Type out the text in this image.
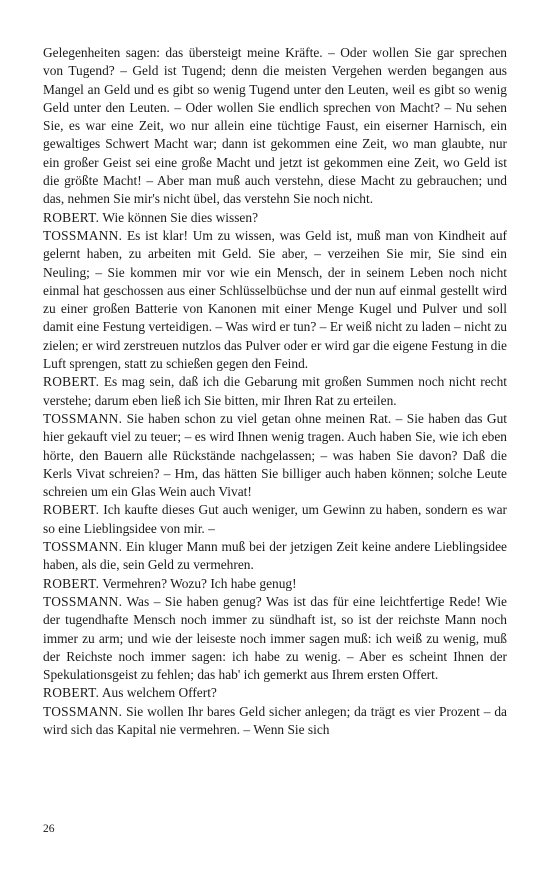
Gelegenheiten sagen: das übersteigt meine Kräfte. – Oder wollen Sie gar sprechen von Tugend? – Geld ist Tugend; denn die meisten Vergehen werden begangen aus Mangel an Geld und es gibt so wenig Tugend unter den Leuten, weil es gibt so wenig Geld unter den Leuten. – Oder wollen Sie endlich sprechen von Macht? – Nu sehen Sie, es war eine Zeit, wo nur allein eine tüchtige Faust, ein eiserner Harnisch, ein gewaltiges Schwert Macht war; dann ist gekommen eine Zeit, wo man glaubte, nur ein großer Geist sei eine große Macht und jetzt ist gekommen eine Zeit, wo Geld ist die größte Macht! – Aber man muß auch verstehn, diese Macht zu gebrauchen; und das, nehmen Sie mir's nicht übel, das verstehn Sie noch nicht.

ROBERT. Wie können Sie dies wissen?

TOSSMANN. Es ist klar! Um zu wissen, was Geld ist, muß man von Kindheit auf gelernt haben, zu arbeiten mit Geld. Sie aber, – verzeihen Sie mir, Sie sind ein Neuling; – Sie kommen mir vor wie ein Mensch, der in seinem Leben noch nicht einmal hat geschossen aus einer Schlüsselbüchse und der nun auf einmal gestellt wird zu einer großen Batterie von Kanonen mit einer Menge Kugel und Pulver und soll damit eine Festung verteidigen. – Was wird er tun? – Er weiß nicht zu laden – nicht zu zielen; er wird zerstreuen nutzlos das Pulver oder er wird gar die eigene Festung in die Luft sprengen, statt zu schießen gegen den Feind.

ROBERT. Es mag sein, daß ich die Gebarung mit großen Summen noch nicht recht verstehe; darum eben ließ ich Sie bitten, mir Ihren Rat zu erteilen.

TOSSMANN. Sie haben schon zu viel getan ohne meinen Rat. – Sie haben das Gut hier gekauft viel zu teuer; – es wird Ihnen wenig tragen. Auch haben Sie, wie ich eben hörte, den Bauern alle Rückstände nachgelassen; – was haben Sie davon? Daß die Kerls Vivat schreien? – Hm, das hätten Sie billiger auch haben können; solche Leute schreien um ein Glas Wein auch Vivat!

ROBERT. Ich kaufte dieses Gut auch weniger, um Gewinn zu haben, sondern es war so eine Lieblingsidee von mir. –

TOSSMANN. Ein kluger Mann muß bei der jetzigen Zeit keine andere Lieblingsidee haben, als die, sein Geld zu vermehren.

ROBERT. Vermehren? Wozu? Ich habe genug!

TOSSMANN. Was – Sie haben genug? Was ist das für eine leichtfertige Rede! Wie der tugendhafte Mensch noch immer zu sündhaft ist, so ist der reichste Mann noch immer zu arm; und wie der leiseste noch immer sagen muß: ich weiß zu wenig, muß der Reichste noch immer sagen: ich habe zu wenig. – Aber es scheint Ihnen der Spekulationsgeist zu fehlen; das hab' ich gemerkt aus Ihrem ersten Offert.

ROBERT. Aus welchem Offert?

TOSSMANN. Sie wollen Ihr bares Geld sicher anlegen; da trägt es vier Prozent – da wird sich das Kapital nie vermehren. – Wenn Sie sich

26
